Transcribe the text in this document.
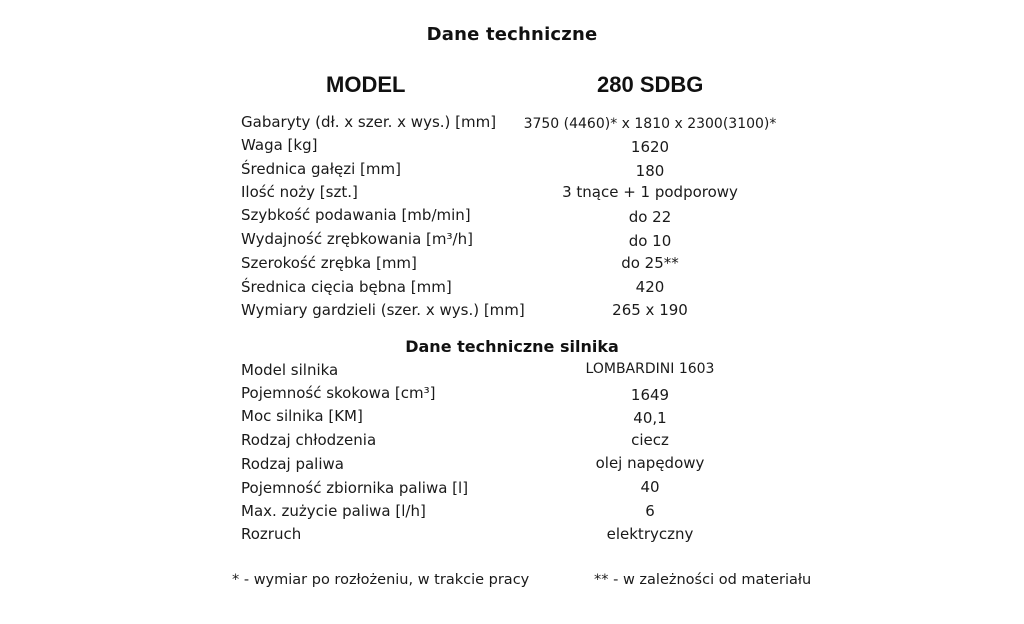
Dane techniczne
MODEL	280 SDBG
Gabaryty (dł. x szer. x wys.) [mm]	3750 (4460)* x 1810 x 2300(3100)*
Waga [kg]	1620
Średnica gałęzi [mm]	180
Ilość noży [szt.]	3 tnące + 1 podporowy
Szybkość podawania [mb/min]	do 22
Wydajność zrębkowania [m³/h]	do 10
Szerokość zrębka [mm]	do 25**
Średnica cięcia bębna [mm]	420
Wymiary gardzieli (szer. x wys.) [mm]	265 x 190
Dane techniczne silnika
Model silnika	LOMBARDINI 1603
Pojemność skokowa [cm³]	1649
Moc silnika [KM]	40,1
Rodzaj chłodzenia	ciecz
Rodzaj paliwa	olej napędowy
Pojemność zbiornika paliwa [l]	40
Max. zużycie paliwa [l/h]	6
Rozruch	elektryczny
* - wymiar po rozłożeniu, w trakcie pracy	** - w zależności od materiału
